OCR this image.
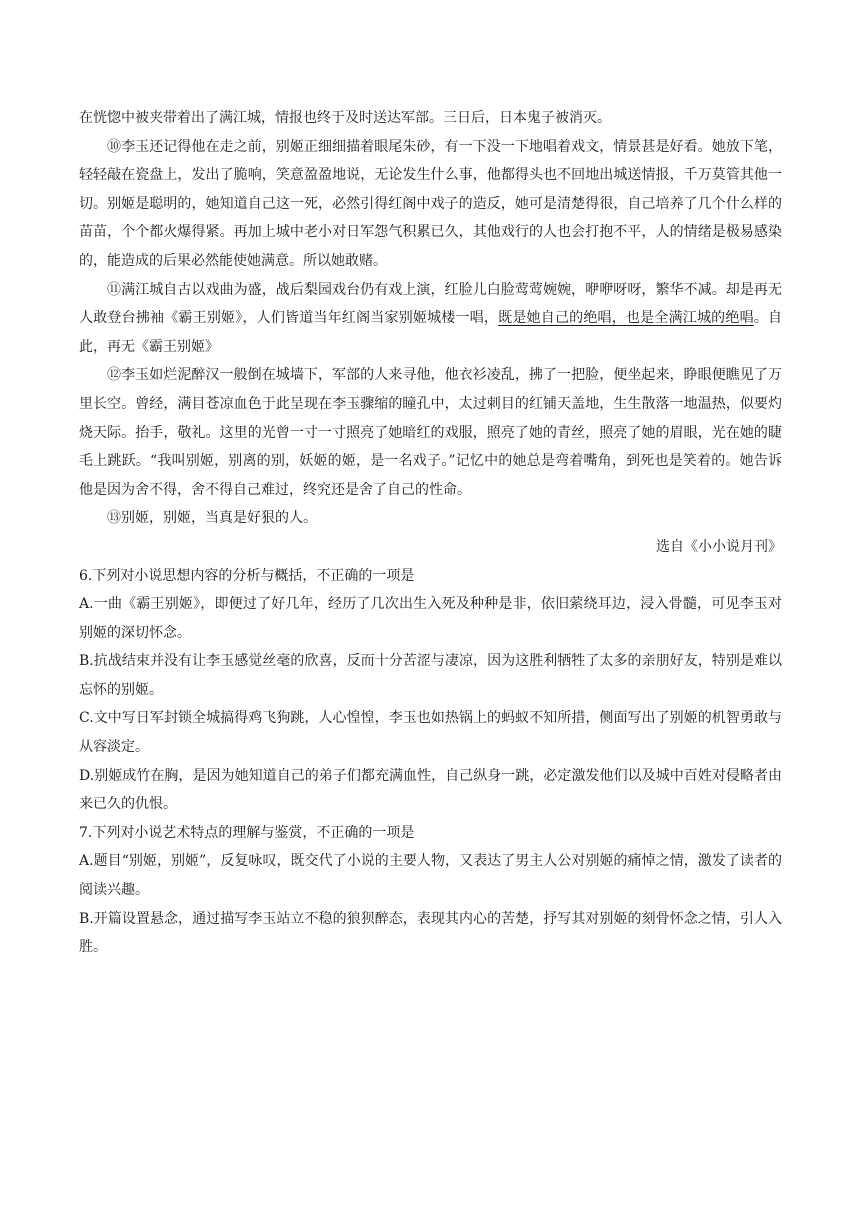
在恍惚中被夹带着出了满江城，情报也终于及时送达军部。三日后，日本鬼子被消灭。

⑩李玉还记得他在走之前，别姬正细细描着眼尾朱砂，有一下没一下地唱着戏文，情景甚是好看。她放下笔，轻轻敲在瓷盘上，发出了脆响，笑意盈盈地说，无论发生什么事，他都得头也不回地出城送情报，千万莫管其他一切。别姬是聪明的，她知道自己这一死，必然引得红阁中戏子的造反，她可是清楚得很，自己培养了几个什么样的苗苗，个个都火爆得紧。再加上城中老小对日军怨气积累已久，其他戏行的人也会打抱不平，人的情绪是极易感染的，能造成的后果必然能使她满意。所以她敢赌。

⑪满江城自古以戏曲为盛，战后梨园戏台仍有戏上演，红脸儿白脸莺莺婉婉，咿咿呀呀，繁华不减。却是再无人敢登台拂袖《霸王别姬》，人们皆道当年红阁当家别姬城楼一唱，既是她自己的绝唱，也是全满江城的绝唱。自此，再无《霸王别姬》

⑫李玉如烂泥醉汉一般倒在城墙下，军部的人来寻他，他衣衫凌乱，拂了一把脸，便坐起来，睁眼便瞧见了万里长空。曾经，满目苍凉血色于此呈现在李玉骤缩的瞳孔中，太过刺目的红铺天盖地，生生散落一地温热，似要灼烧天际。抬手，敬礼。这里的光曾一寸一寸照亮了她暗红的戏服，照亮了她的青丝，照亮了她的眉眼，光在她的睫毛上跳跃。“我叫别姬，别离的别，妖姬的姬，是一名戏子。”记忆中的她总是弯着嘴角，到死也是笑着的。她告诉他是因为舍不得，舍不得自己难过，终究还是舍了自己的性命。

⑬别姬，别姬，当真是好狠的人。

选自《小小说月刊》

6.下列对小说思想内容的分析与概括，不正确的一项是

A.一曲《霸王别姬》，即便过了好几年，经历了几次出生入死及种种是非，依旧萦绕耳边，浸入骨髓，可见李玉对别姬的深切怀念。

B.抗战结束并没有让李玉感觉丝毫的欣喜，反而十分苦涩与凄凉，因为这胜利牺牲了太多的亲朋好友，特别是难以忘怀的别姬。

C.文中写日军封锁全城搞得鸡飞狗跳，人心惶惶，李玉也如热锅上的蚂蚁不知所措，侧面写出了别姬的机智勇敢与从容淡定。

D.别姬成竹在胸，是因为她知道自己的弟子们都充满血性，自己纵身一跳，必定激发他们以及城中百姓对侵略者由来已久的仇恨。

7.下列对小说艺术特点的理解与鉴赏，不正确的一项是

A.题目“别姬，别姬”，反复咏叹，既交代了小说的主要人物，又表达了男主人公对别姬的痛悼之情，激发了读者的阅读兴趣。

B.开篇设置悬念，通过描写李玉站立不稳的狼狈醉态，表现其内心的苦楚，抒写其对别姬的刻骨怀念之情，引人入胜。
